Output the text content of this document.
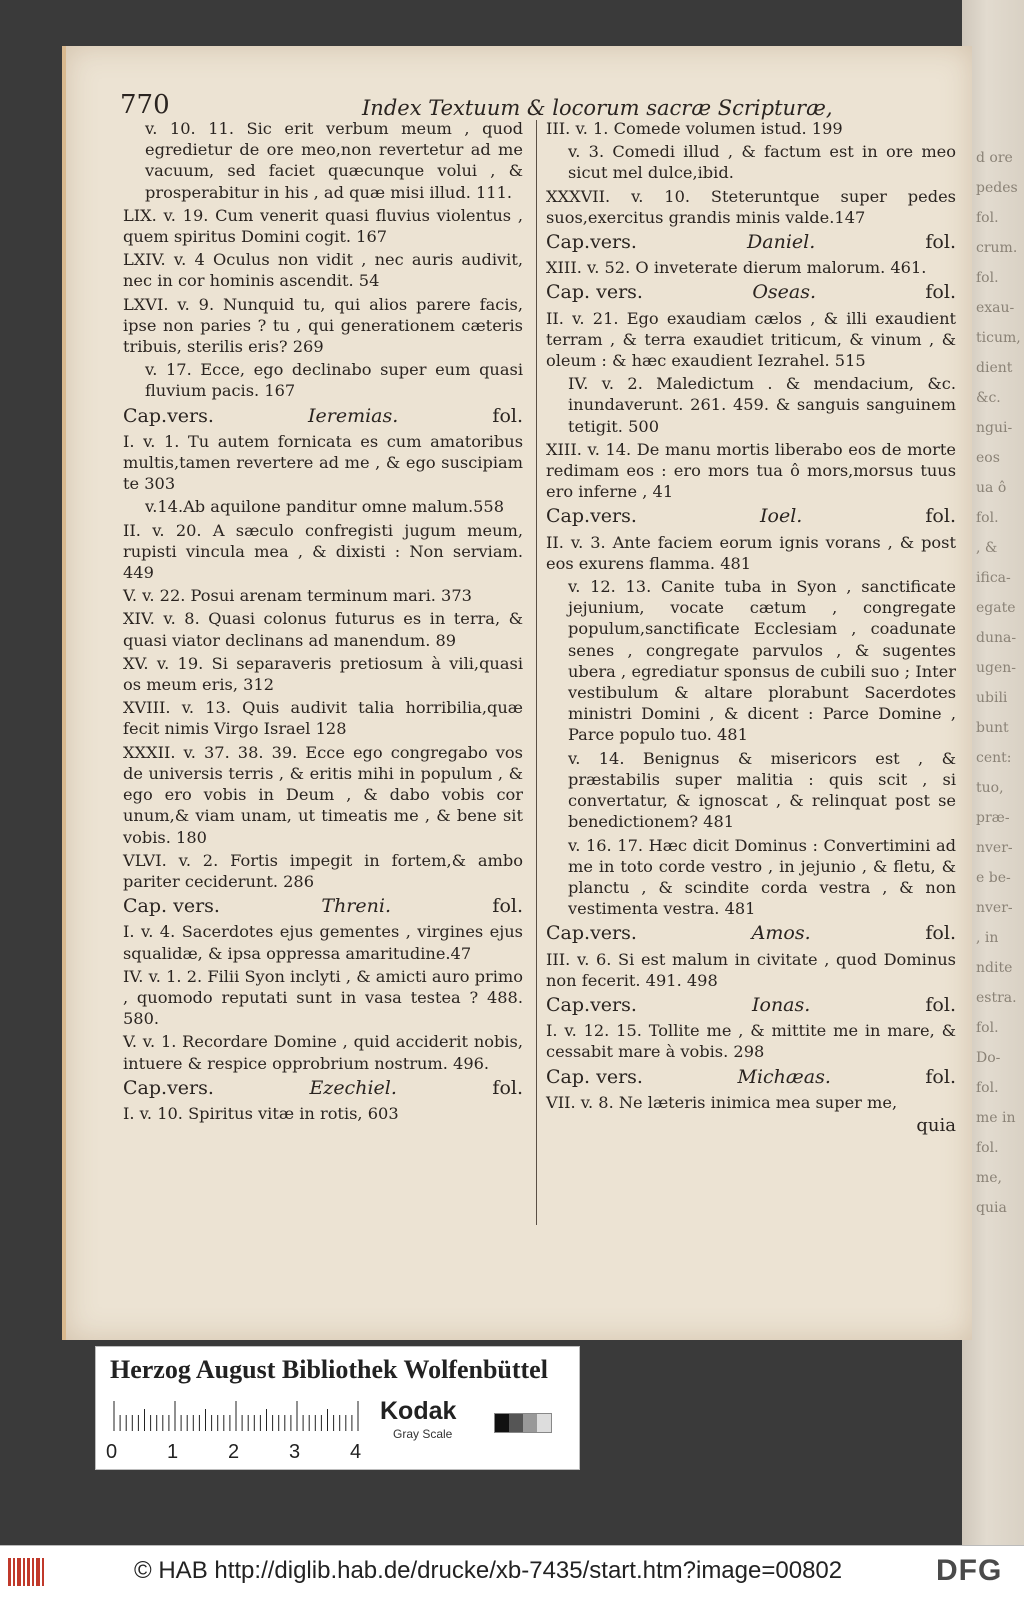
d ore
pedes
fol.
crum.
fol.
exau-
ticum,
dient
&c.
ngui-
eos
ua ô
fol.
, &
ifica-
egate
duna-
ugen-
ubili
bunt
cent:
tuo,
præ-
nver-
e be-
nver-
, in
ndite
estra.
fol.
Do-
fol.
me in
fol.
me,
quia
770	Index Textuum & locorum sacræ Scripturæ,
v. 10. 11. Sic erit verbum meum , quod egredietur de ore meo,non revertetur ad me vacuum, sed faciet quæcunque volui , & prosperabitur in his , ad quæ misi illud. 111.
LIX. v. 19. Cum venerit quasi fluvius violentus , quem spiritus Domini cogit. 167
LXIV. v. 4 Oculus non vidit , nec auris audivit, nec in cor hominis ascendit. 54
LXVI. v. 9. Nunquid tu, qui alios parere facis, ipse non paries ? tu , qui generationem cæteris tribuis, sterilis eris? 269
v. 17. Ecce, ego declinabo super eum quasi fluvium pacis. 167
Cap.vers.	Ieremias.	fol.
I. v. 1. Tu autem fornicata es cum amatoribus multis,tamen revertere ad me , & ego suscipiam te 303
v.14.Ab aquilone panditur omne malum.558
II. v. 20. A sæculo confregisti jugum meum, rupisti vincula mea , & dixisti : Non serviam. 449
V. v. 22. Posui arenam terminum mari. 373
XIV. v. 8. Quasi colonus futurus es in terra, & quasi viator declinans ad manendum. 89
XV. v. 19. Si separaveris pretiosum à vili,quasi os meum eris, 312
XVIII. v. 13. Quis audivit talia horribilia,quæ fecit nimis Virgo Israel 128
XXXII. v. 37. 38. 39. Ecce ego congregabo vos de universis terris , & eritis mihi in populum , & ego ero vobis in Deum , & dabo vobis cor unum,& viam unam, ut timeatis me , & bene sit vobis. 180
VLVI. v. 2. Fortis impegit in fortem,& ambo pariter ceciderunt. 286
Cap. vers.	Threni.	fol.
I. v. 4. Sacerdotes ejus gementes , virgines ejus squalidæ, & ipsa oppressa amaritudine.47
IV. v. 1. 2. Filii Syon inclyti , & amicti auro primo , quomodo reputati sunt in vasa testea ? 488. 580.
V. v. 1. Recordare Domine , quid acciderit nobis, intuere & respice opprobrium nostrum. 496.
Cap.vers.	Ezechiel.	fol.
I. v. 10. Spiritus vitæ in rotis, 603
III. v. 1. Comede volumen istud. 199
v. 3. Comedi illud , & factum est in ore meo sicut mel dulce,ibid.
XXXVII. v. 10. Steteruntque super pedes suos,exercitus grandis minis valde.147
Cap.vers.	Daniel.	fol.
XIII. v. 52. O inveterate dierum malorum. 461.
Cap. vers.	Oseas.	fol.
II. v. 21. Ego exaudiam cælos , & illi exaudient terram , & terra exaudiet triticum, & vinum , & oleum : & hæc exaudient Iezrahel. 515
IV. v. 2. Maledictum . & mendacium, &c. inundaverunt. 261. 459. & sanguis sanguinem tetigit. 500
XIII. v. 14. De manu mortis liberabo eos de morte redimam eos : ero mors tua ô mors,morsus tuus ero inferne , 41
Cap.vers.	Ioel.	fol.
II. v. 3. Ante faciem eorum ignis vorans , & post eos exurens flamma. 481
v. 12. 13. Canite tuba in Syon , sanctificate jejunium, vocate cætum , congregate populum,sanctificate Ecclesiam , coadunate senes , congregate parvulos , & sugentes ubera , egrediatur sponsus de cubili suo ; Inter vestibulum & altare plorabunt Sacerdotes ministri Domini , & dicent : Parce Domine , Parce populo tuo. 481
v. 14. Benignus & misericors est , & præstabilis super malitia : quis scit , si convertatur, & ignoscat , & relinquat post se benedictionem? 481
v. 16. 17. Hæc dicit Dominus : Convertimini ad me in toto corde vestro , in jejunio , & fletu, & planctu , & scindite corda vestra , & non vestimenta vestra. 481
Cap.vers.	Amos.	fol.
III. v. 6. Si est malum in civitate , quod Dominus non fecerit. 491. 498
Cap.vers.	Ionas.	fol.
I. v. 12. 15. Tollite me , & mittite me in mare, & cessabit mare à vobis. 298
Cap. vers.	Michæas.	fol.
VII. v. 8. Ne læteris inimica mea super me,
quia
Herzog August Bibliothek Wolfenbüttel
0 1 2 3 4
Kodak
Gray Scale
© HAB http://diglib.hab.de/drucke/xb-7435/start.htm?image=00802	DFG
